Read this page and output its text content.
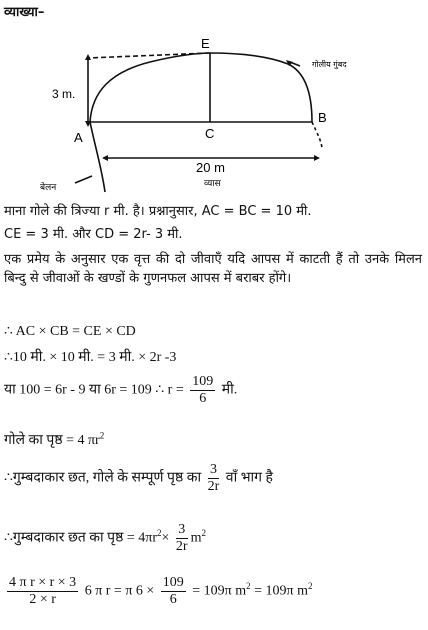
व्याख्या–
E
गोलीय गुंबद
3 m.
A
B
C
20 m
व्यास
बेलन
माना गोले की त्रिज्या r मी. है। प्रश्नानुसार, AC = BC = 10 मी.
CE = 3 मी. और CD = 2r- 3 मी.
एक प्रमेय के अनुसार एक वृत्त की दो जीवाएँ यदि आपस में काटती हैं तो उनके मिलन बिन्दु से जीवाओं के खण्डों के गुणनफल आपस में बराबर होंगे।
∴ AC × CB = CE × CD
∴10 मी. × 10 मी. = 3 मी. × 2r -3
या 100 = 6r - 9 या 6r = 109 ∴ $r = \frac{109}{6}$ मी.
गोले का पृष्ठ = 4 $\pi r^2$
∴गुम्बदाकार छत, गोले के सम्पूर्ण पृष्ठ का $\frac{3}{2r}$ वाँ भाग है
∴गुम्बदाकार छत का पृष्ठ = $4\pi r^2\times \frac{3}{2r} m^2$
$\frac{\text{4 π r × r × 3}}{2 \times r} 6$ π r = π $6 \times \frac{109}{6} = 109\pi$ $m^2 = 109\pi$ $m^2$
